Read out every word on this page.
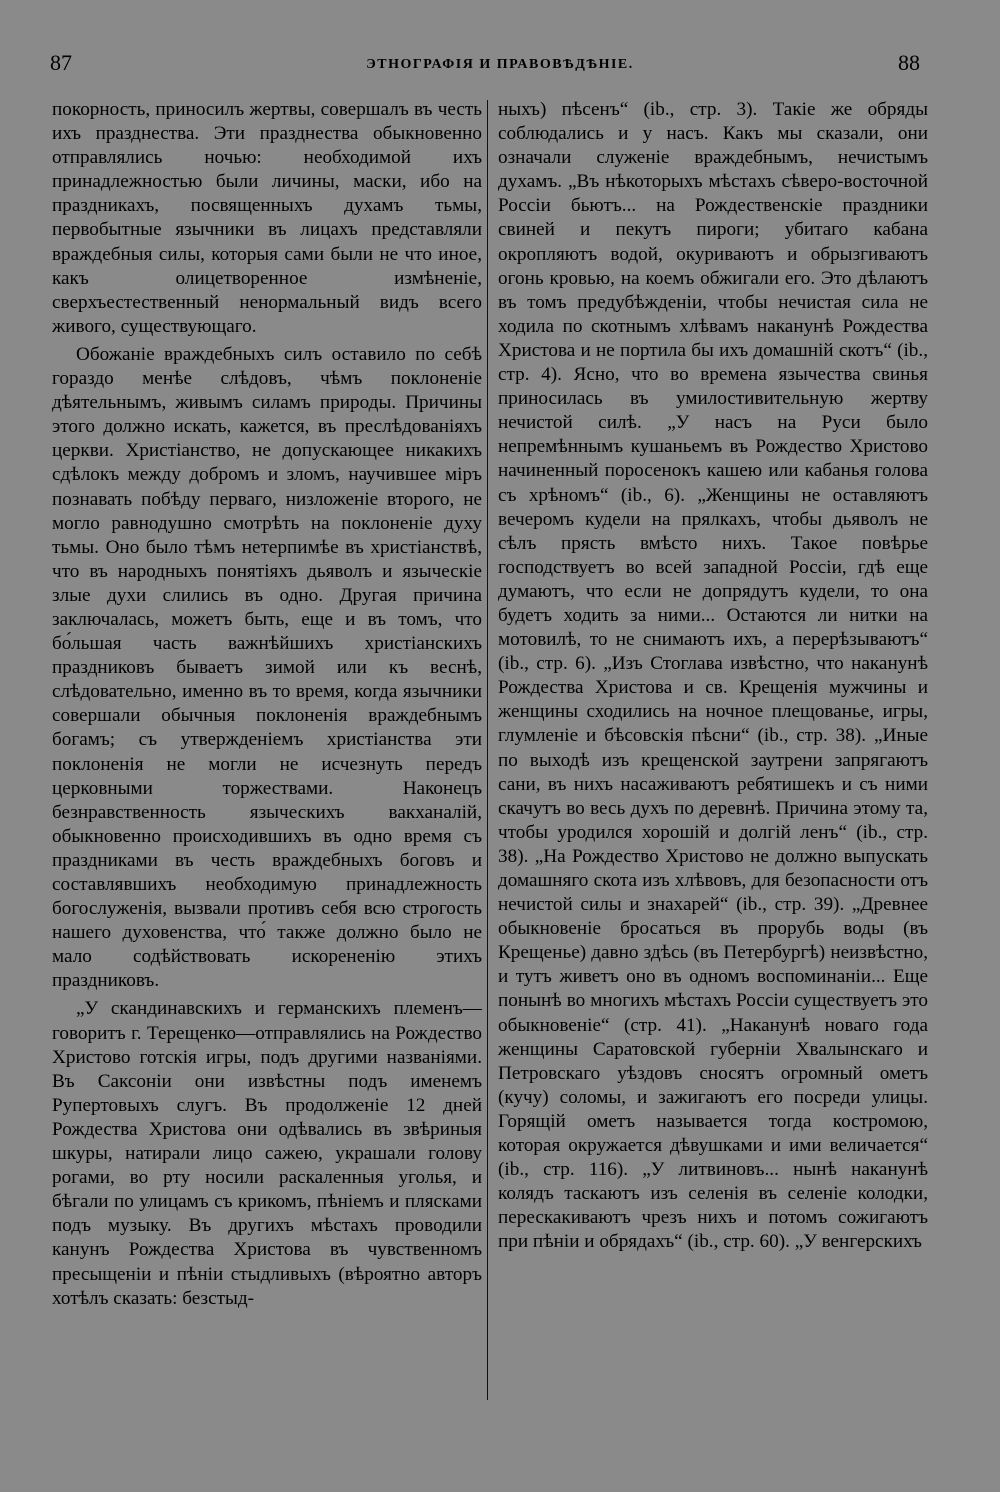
87	ЭТНОГРАФІЯ И ПРАВОВѢДѢНІЕ.	88

покорность, приносилъ жертвы, совершалъ въ честь ихъ празднества. Эти празднества обыкновенно отправлялись ночью: необходимой ихъ принадлежностью были личины, маски, ибо на праздникахъ, посвященныхъ духамъ тьмы, первобытные язычники въ лицахъ представляли враждебныя силы, которыя сами были не что иное, какъ олицетворенное измѣненіе, сверхъестественный ненормальный видъ всего живого, существующаго.

Обожаніе враждебныхъ силъ оставило по себѣ гораздо менѣе слѣдовъ, чѣмъ поклоненіе дѣятельнымъ, живымъ силамъ природы. Причины этого должно искать, кажется, въ преслѣдованіяхъ церкви. Христіанство, не допускающее никакихъ сдѣлокъ между добромъ и зломъ, научившее міръ познавать побѣду перваго, низложеніе второго, не могло равнодушно смотрѣть на поклоненіе духу тьмы. Оно было тѣмъ нетерпимѣе въ христіанствѣ, что въ народныхъ понятіяхъ дьяволъ и языческіе злые духи слились въ одно. Другая причина заключалась, можетъ быть, еще и въ томъ, что бо́льшая часть важнѣйшихъ христіанскихъ праздниковъ бываетъ зимой или къ веснѣ, слѣдовательно, именно въ то время, когда язычники совершали обычныя поклоненія враждебнымъ богамъ; съ утвержденіемъ христіанства эти поклоненія не могли не исчезнуть передъ церковными торжествами. Наконецъ безнравственность языческихъ вакханалій, обыкновенно происходившихъ въ одно время съ праздниками въ честь враждебныхъ боговъ и составлявшихъ необходимую принадлежность богослуженія, вызвали противъ себя всю строгость нашего духовенства, что́ также должно было не мало содѣйствовать искорененію этихъ праздниковъ.

„У скандинавскихъ и германскихъ племенъ—говоритъ г. Терещенко—отправлялись на Рождество Христово готскія игры, подъ другими названіями. Въ Саксоніи они извѣстны подъ именемъ Рупертовыхъ слугъ. Въ продолженіе 12 дней Рождества Христова они одѣвались въ звѣриныя шкуры, натирали лицо сажею, украшали голову рогами, во рту носили раскаленныя уголья, и бѣгали по улицамъ съ крикомъ, пѣніемъ и плясками подъ музыку. Въ другихъ мѣстахъ проводили канунъ Рождества Христова въ чувственномъ пресыщеніи и пѣніи стыдливыхъ (вѣроятно авторъ хотѣлъ сказать: безстыд-

ныхъ) пѣсенъ“ (ib., стр. 3). Такіе же обряды соблюдались и у насъ. Какъ мы сказали, они означали служеніе враждебнымъ, нечистымъ духамъ. „Въ нѣкоторыхъ мѣстахъ сѣверо-восточной Россіи бьютъ... на Рождественскіе праздники свиней и пекутъ пироги; убитаго кабана окропляютъ водой, окуриваютъ и обрызгиваютъ огонь кровью, на коемъ обжигали его. Это дѣлаютъ въ томъ предубѣжденіи, чтобы нечистая сила не ходила по скотнымъ хлѣвамъ наканунѣ Рождества Христова и не портила бы ихъ домашній скотъ“ (ib., стр. 4). Ясно, что во времена язычества свинья приносилась въ умилостивительную жертву нечистой силѣ. „У насъ на Руси было непремѣннымъ кушаньемъ въ Рождество Христово начиненный поросенокъ кашею или кабанья голова съ хрѣномъ“ (ib., 6). „Женщины не оставляютъ вечеромъ кудели на прялкахъ, чтобы дьяволъ не сѣлъ прясть вмѣсто нихъ. Такое повѣрье господствуетъ во всей западной Россіи, гдѣ еще думаютъ, что если не допрядутъ кудели, то она будетъ ходить за ними... Остаются ли нитки на мотовилѣ, то не снимаютъ ихъ, а перерѣзываютъ“ (ib., стр. 6). „Изъ Стоглава извѣстно, что наканунѣ Рождества Христова и св. Крещенія мужчины и женщины сходились на ночное плещованье, игры, глумленіе и бѣсовскія пѣсни“ (ib., стр. 38). „Иные по выходѣ изъ крещенской заутрени запрягаютъ сани, въ нихъ насаживаютъ ребятишекъ и съ ними скачутъ во весь духъ по деревнѣ. Причина этому та, чтобы уродился хорошій и долгій ленъ“ (ib., стр. 38). „На Рождество Христово не должно выпускать домашняго скота изъ хлѣвовъ, для безопасности отъ нечистой силы и знахарей“ (ib., стр. 39). „Древнее обыкновеніе бросаться въ прорубь воды (въ Крещенье) давно здѣсь (въ Петербургѣ) неизвѣстно, и тутъ живетъ оно въ одномъ воспоминаніи... Еще понынѣ во многихъ мѣстахъ Россіи существуетъ это обыкновеніе“ (стр. 41). „Наканунѣ новаго года женщины Саратовской губерніи Хвалынскаго и Петровскаго уѣздовъ сносятъ огромный ометъ (кучу) соломы, и зажигаютъ его посреди улицы. Горящій ометъ называется тогда костромою, которая окружается дѣвушками и ими величается“ (ib., стр. 116). „У литвиновъ... нынѣ наканунѣ колядъ таскаютъ изъ селенія въ селеніе колодки, перескакиваютъ чрезъ нихъ и потомъ сожигаютъ при пѣніи и обрядахъ“ (ib., стр. 60). „У венгерскихъ
